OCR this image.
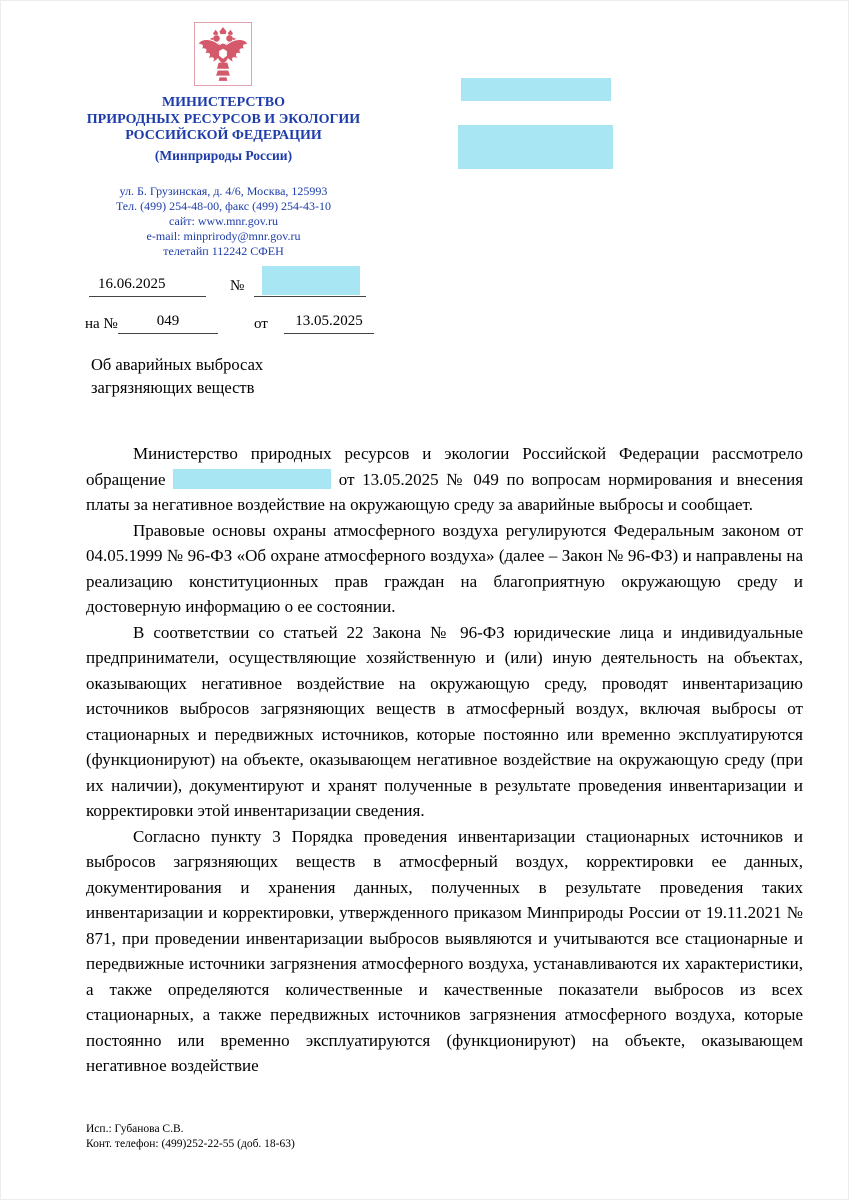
МИНИСТЕРСТВО
ПРИРОДНЫХ РЕСУРСОВ И ЭКОЛОГИИ
РОССИЙСКОЙ ФЕДЕРАЦИИ
(Минприроды России)
ул. Б. Грузинская, д. 4/6, Москва, 125993
Тел. (499) 254-48-00, факс (499) 254-43-10
сайт: www.mnr.gov.ru
e-mail: minprirody@mnr.gov.ru
телетайп 112242 СФЕН
16.06.2025	№
на №	049	от	13.05.2025
Об аварийных выбросах
загрязняющих веществ

Министерство природных ресурсов и экологии Российской Федерации рассмотрело обращение	от 13.05.2025 № 049 по вопросам нормирования и внесения платы за негативное воздействие на окружающую среду за аварийные выбросы и сообщает.

Правовые основы охраны атмосферного воздуха регулируются Федеральным законом от 04.05.1999 № 96-ФЗ «Об охране атмосферного воздуха» (далее – Закон № 96-ФЗ) и направлены на реализацию конституционных прав граждан на благоприятную окружающую среду и достоверную информацию о ее состоянии.

В соответствии со статьей 22 Закона № 96-ФЗ юридические лица и индивидуальные предприниматели, осуществляющие хозяйственную и (или) иную деятельность на объектах, оказывающих негативное воздействие на окружающую среду, проводят инвентаризацию источников выбросов загрязняющих веществ в атмосферный воздух, включая выбросы от стационарных и передвижных источников, которые постоянно или временно эксплуатируются (функционируют) на объекте, оказывающем негативное воздействие на окружающую среду (при их наличии), документируют и хранят полученные в результате проведения инвентаризации и корректировки этой инвентаризации сведения.

Согласно пункту 3 Порядка проведения инвентаризации стационарных источников и выбросов загрязняющих веществ в атмосферный воздух, корректировки ее данных, документирования и хранения данных, полученных в результате проведения таких инвентаризации и корректировки, утвержденного приказом Минприроды России от 19.11.2021 № 871, при проведении инвентаризации выбросов выявляются и учитываются все стационарные и передвижные источники загрязнения атмосферного воздуха, устанавливаются их характеристики, а также определяются количественные и качественные показатели выбросов из всех стационарных, а также передвижных источников загрязнения атмосферного воздуха, которые постоянно или временно эксплуатируются (функционируют) на объекте, оказывающем негативное воздействие

Исп.: Губанова С.В.
Конт. телефон: (499)252-22-55 (доб. 18-63)
